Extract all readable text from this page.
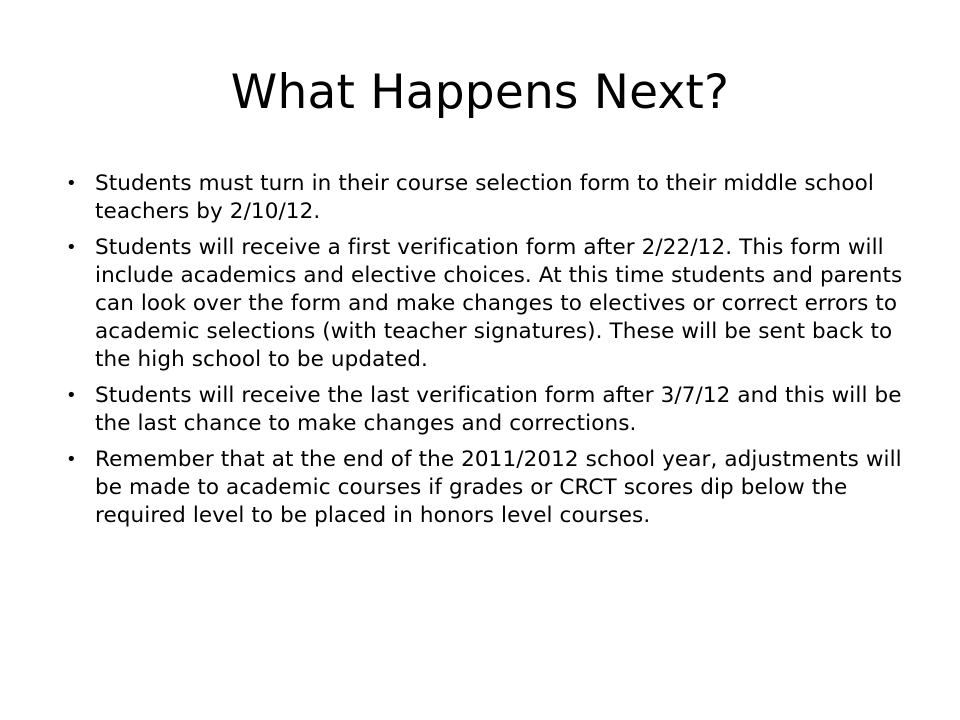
What Happens Next?
• Students must turn in their course selection form to their middle school teachers by 2/10/12.
• Students will receive a first verification form after 2/22/12. This form will include academics and elective choices. At this time students and parents can look over the form and make changes to electives or correct errors to academic selections (with teacher signatures). These will be sent back to the high school to be updated.
• Students will receive the last verification form after 3/7/12 and this will be the last chance to make changes and corrections.
• Remember that at the end of the 2011/2012 school year, adjustments will be made to academic courses if grades or CRCT scores dip below the required level to be placed in honors level courses.
